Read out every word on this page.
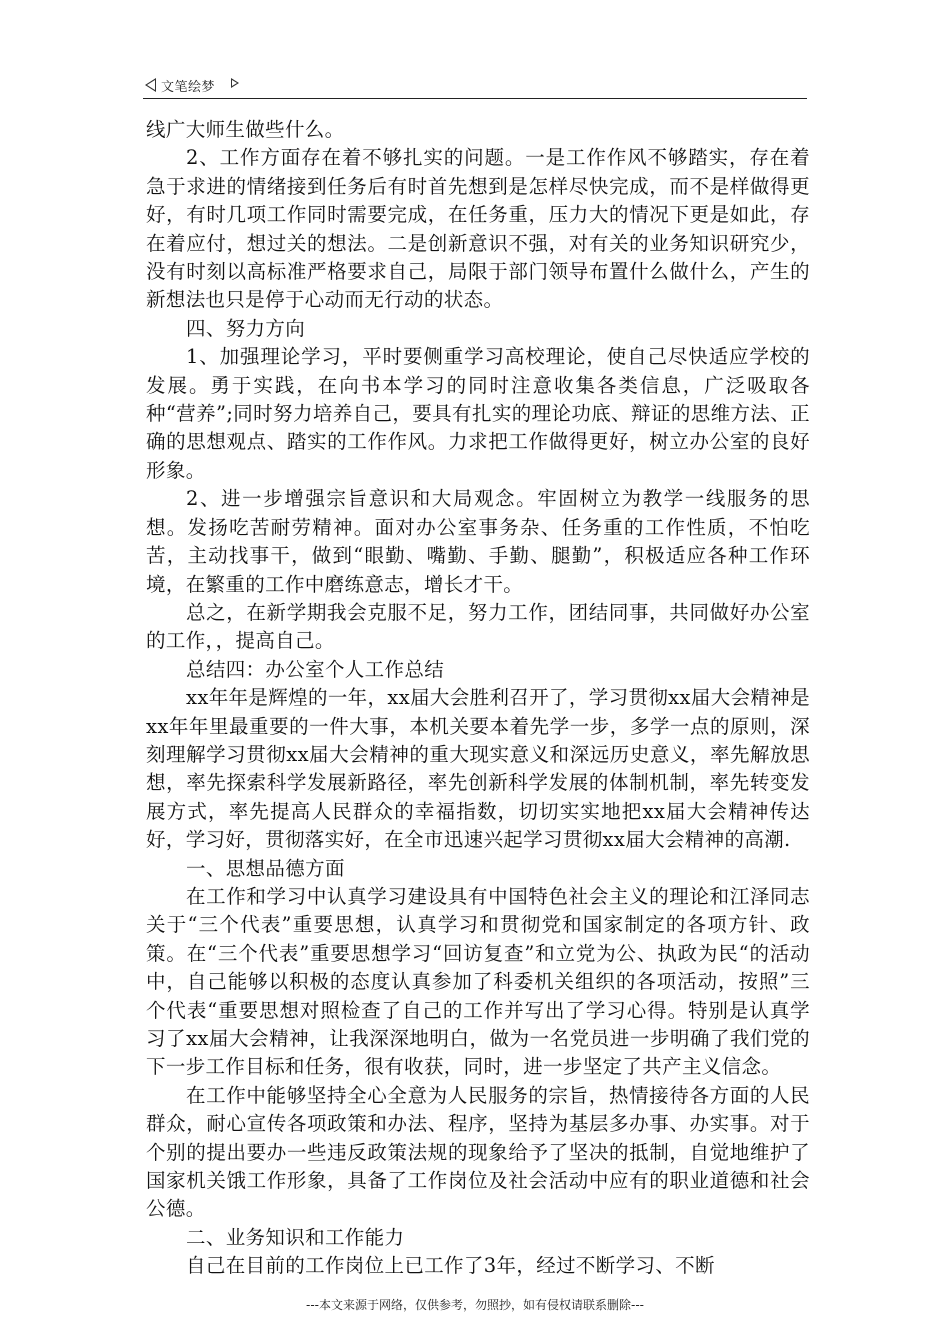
文笔绘梦

线广大师生做些什么。

2、工作方面存在着不够扎实的问题。一是工作作风不够踏实，存在着急于求进的情绪接到任务后有时首先想到是怎样尽快完成，而不是样做得更好，有时几项工作同时需要完成，在任务重，压力大的情况下更是如此，存在着应付，想过关的想法。二是创新意识不强，对有关的业务知识研究少，没有时刻以高标准严格要求自己，局限于部门领导布置什么做什么，产生的新想法也只是停于心动而无行动的状态。

四、努力方向

1、加强理论学习，平时要侧重学习高校理论，使自己尽快适应学校的发展。勇于实践，在向书本学习的同时注意收集各类信息，广泛吸取各种“营养”;同时努力培养自己，要具有扎实的理论功底、辩证的思维方法、正确的思想观点、踏实的工作作风。力求把工作做得更好，树立办公室的良好形象。

2、进一步增强宗旨意识和大局观念。牢固树立为教学一线服务的思想。发扬吃苦耐劳精神。面对办公室事务杂、任务重的工作性质，不怕吃苦，主动找事干，做到“眼勤、嘴勤、手勤、腿勤”，积极适应各种工作环境，在繁重的工作中磨练意志，增长才干。

总之，在新学期我会克服不足，努力工作，团结同事，共同做好办公室的工作，，提高自己。

总结四：办公室个人工作总结

xx年年是辉煌的一年，xx届大会胜利召开了，学习贯彻xx届大会精神是xx年年里最重要的一件大事，本机关要本着先学一步，多学一点的原则，深刻理解学习贯彻xx届大会精神的重大现实意义和深远历史意义，率先解放思想，率先探索科学发展新路径，率先创新科学发展的体制机制，率先转变发展方式，率先提高人民群众的幸福指数，切切实实地把xx届大会精神传达好，学习好，贯彻落实好，在全市迅速兴起学习贯彻xx届大会精神的高潮.

一、思想品德方面

在工作和学习中认真学习建设具有中国特色社会主义的理论和江泽同志关于“三个代表”重要思想，认真学习和贯彻党和国家制定的各项方针、政策。在“三个代表”重要思想学习“回访复查”和立党为公、执政为民“的活动中，自己能够以积极的态度认真参加了科委机关组织的各项活动，按照”三个代表“重要思想对照检查了自己的工作并写出了学习心得。特别是认真学习了xx届大会精神，让我深深地明白，做为一名党员进一步明确了我们党的下一步工作目标和任务，很有收获，同时，进一步坚定了共产主义信念。

在工作中能够坚持全心全意为人民服务的宗旨，热情接待各方面的人民群众，耐心宣传各项政策和办法、程序，坚持为基层多办事、办实事。对于个别的提出要办一些违反政策法规的现象给予了坚决的抵制，自觉地维护了国家机关饿工作形象，具备了工作岗位及社会活动中应有的职业道德和社会公德。

二、业务知识和工作能力

自己在目前的工作岗位上已工作了3年，经过不断学习、不断

---本文来源于网络，仅供参考，勿照抄，如有侵权请联系删除---
